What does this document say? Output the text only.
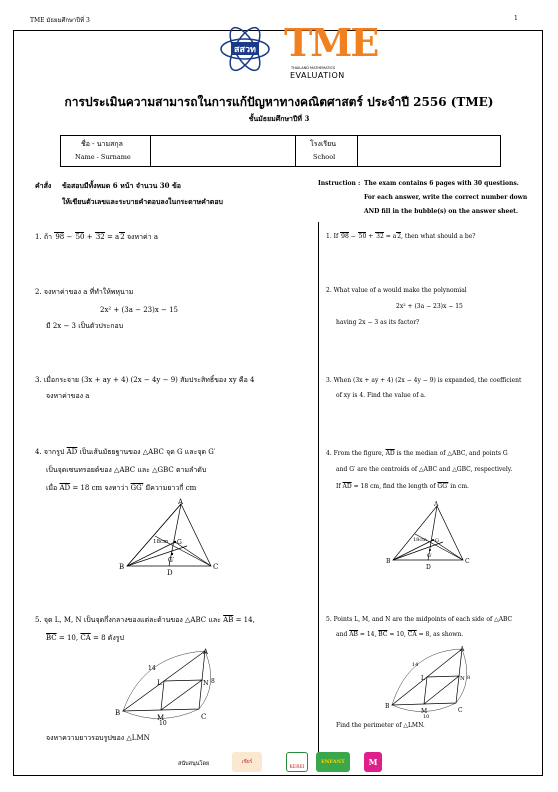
TME มัธยมศึกษาปีที่ 3	1
สสวท TME
THAILAND MATHEMATICS
EVALUATION
การประเมินความสามารถในการแก้ปัญหาทางคณิตศาสตร์ ประจำปี 2556 (TME)
ชั้นมัธยมศึกษาปีที่ 3
ชื่อ - นามสกุล
Name - Surname
โรงเรียน
School
คำสั่ง ข้อสอบมีทั้งหมด 6 หน้า จำนวน 30 ข้อ
ให้เขียนตัวเลขและระบายคำตอบลงในกระดาษคำตอบ
Instruction : The exam contains 6 pages with 30 questions.
For each answer, write the correct number down
AND fill in the bubble(s) on the answer sheet.
1. ถ้า 98 − 50 + 32 = a2 จงหาค่า a	1. If 98 − 50 + 32 = a2, then what should a be?
2. จงหาค่าของ a ที่ทำให้พหุนาม
2x² + (3a − 23)x − 15
มี 2x − 3 เป็นตัวประกอบ
2. What value of a would make the polynomial
2x² + (3a − 23)x − 15
having 2x − 3 as its factor?
3. เมื่อกระจาย (3x + ay + 4) (2x − 4y − 9) สัมประสิทธิ์ของ xy คือ 4
จงหาค่าของ a
3. When (3x + ay + 4) (2x − 4y − 9) is expanded, the coefficient
of xy is 4. Find the value of a.
4. จากรูป $\overline{AD}$ เป็นเส้นมัธยฐานของ △ABC จุด G และจุด G′
เป็นจุดเซนทรอยด์ของ △ABC และ △GBC ตามลำดับ
เมื่อ $\overline{AD} = 18$ cm จงหาว่า GG′ มีความยาวกี่ cm
4. From the figure, $\overline{AD}$ is the median of △ABC, and points G
and G′ are the centroids of △ABC and △GBC, respectively.
If $\overline{AD} = 18$ cm, find the length of GG′ in cm.
A
B	C
D
G
G′
18cm
A
B	C
D
G
G′
18cm
5. จุด L, M, N เป็นจุดกึ่งกลางของแต่ละด้านของ △ABC และ $\overline{AB} = 14$,
$\overline{BC} = 10$, $\overline{CA} = 8$ ดังรูป
จงหาความยาวรอบรูปของ △LMN
5. Points L, M, and N are the midpoints of each side of △ABC
and $\overline{AB} = 14$, $\overline{BC} = 10$, $\overline{CA} = 8$, as shown.
Find the perimeter of △LMN.
A
B	C
L
M
N
14
8
10
A
B
C
L
M
N
14
8
10
สนับสนุนโดย	เชียร์
KEREI
ENFANT	M
